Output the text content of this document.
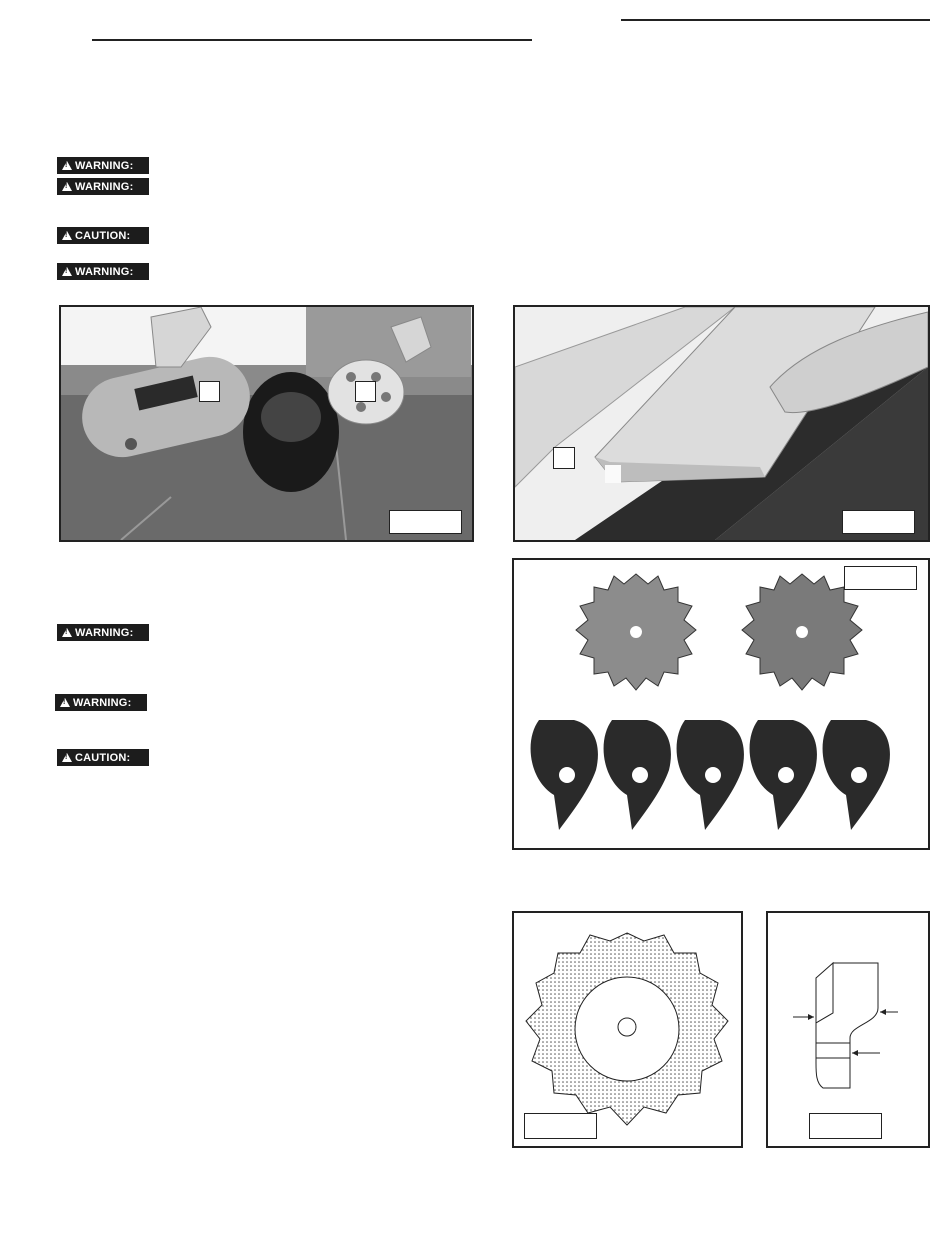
!
WARNING:
!
WARNING:
!
CAUTION:
!
WARNING:
!
WARNING:
!
WARNING:
!
CAUTION:
